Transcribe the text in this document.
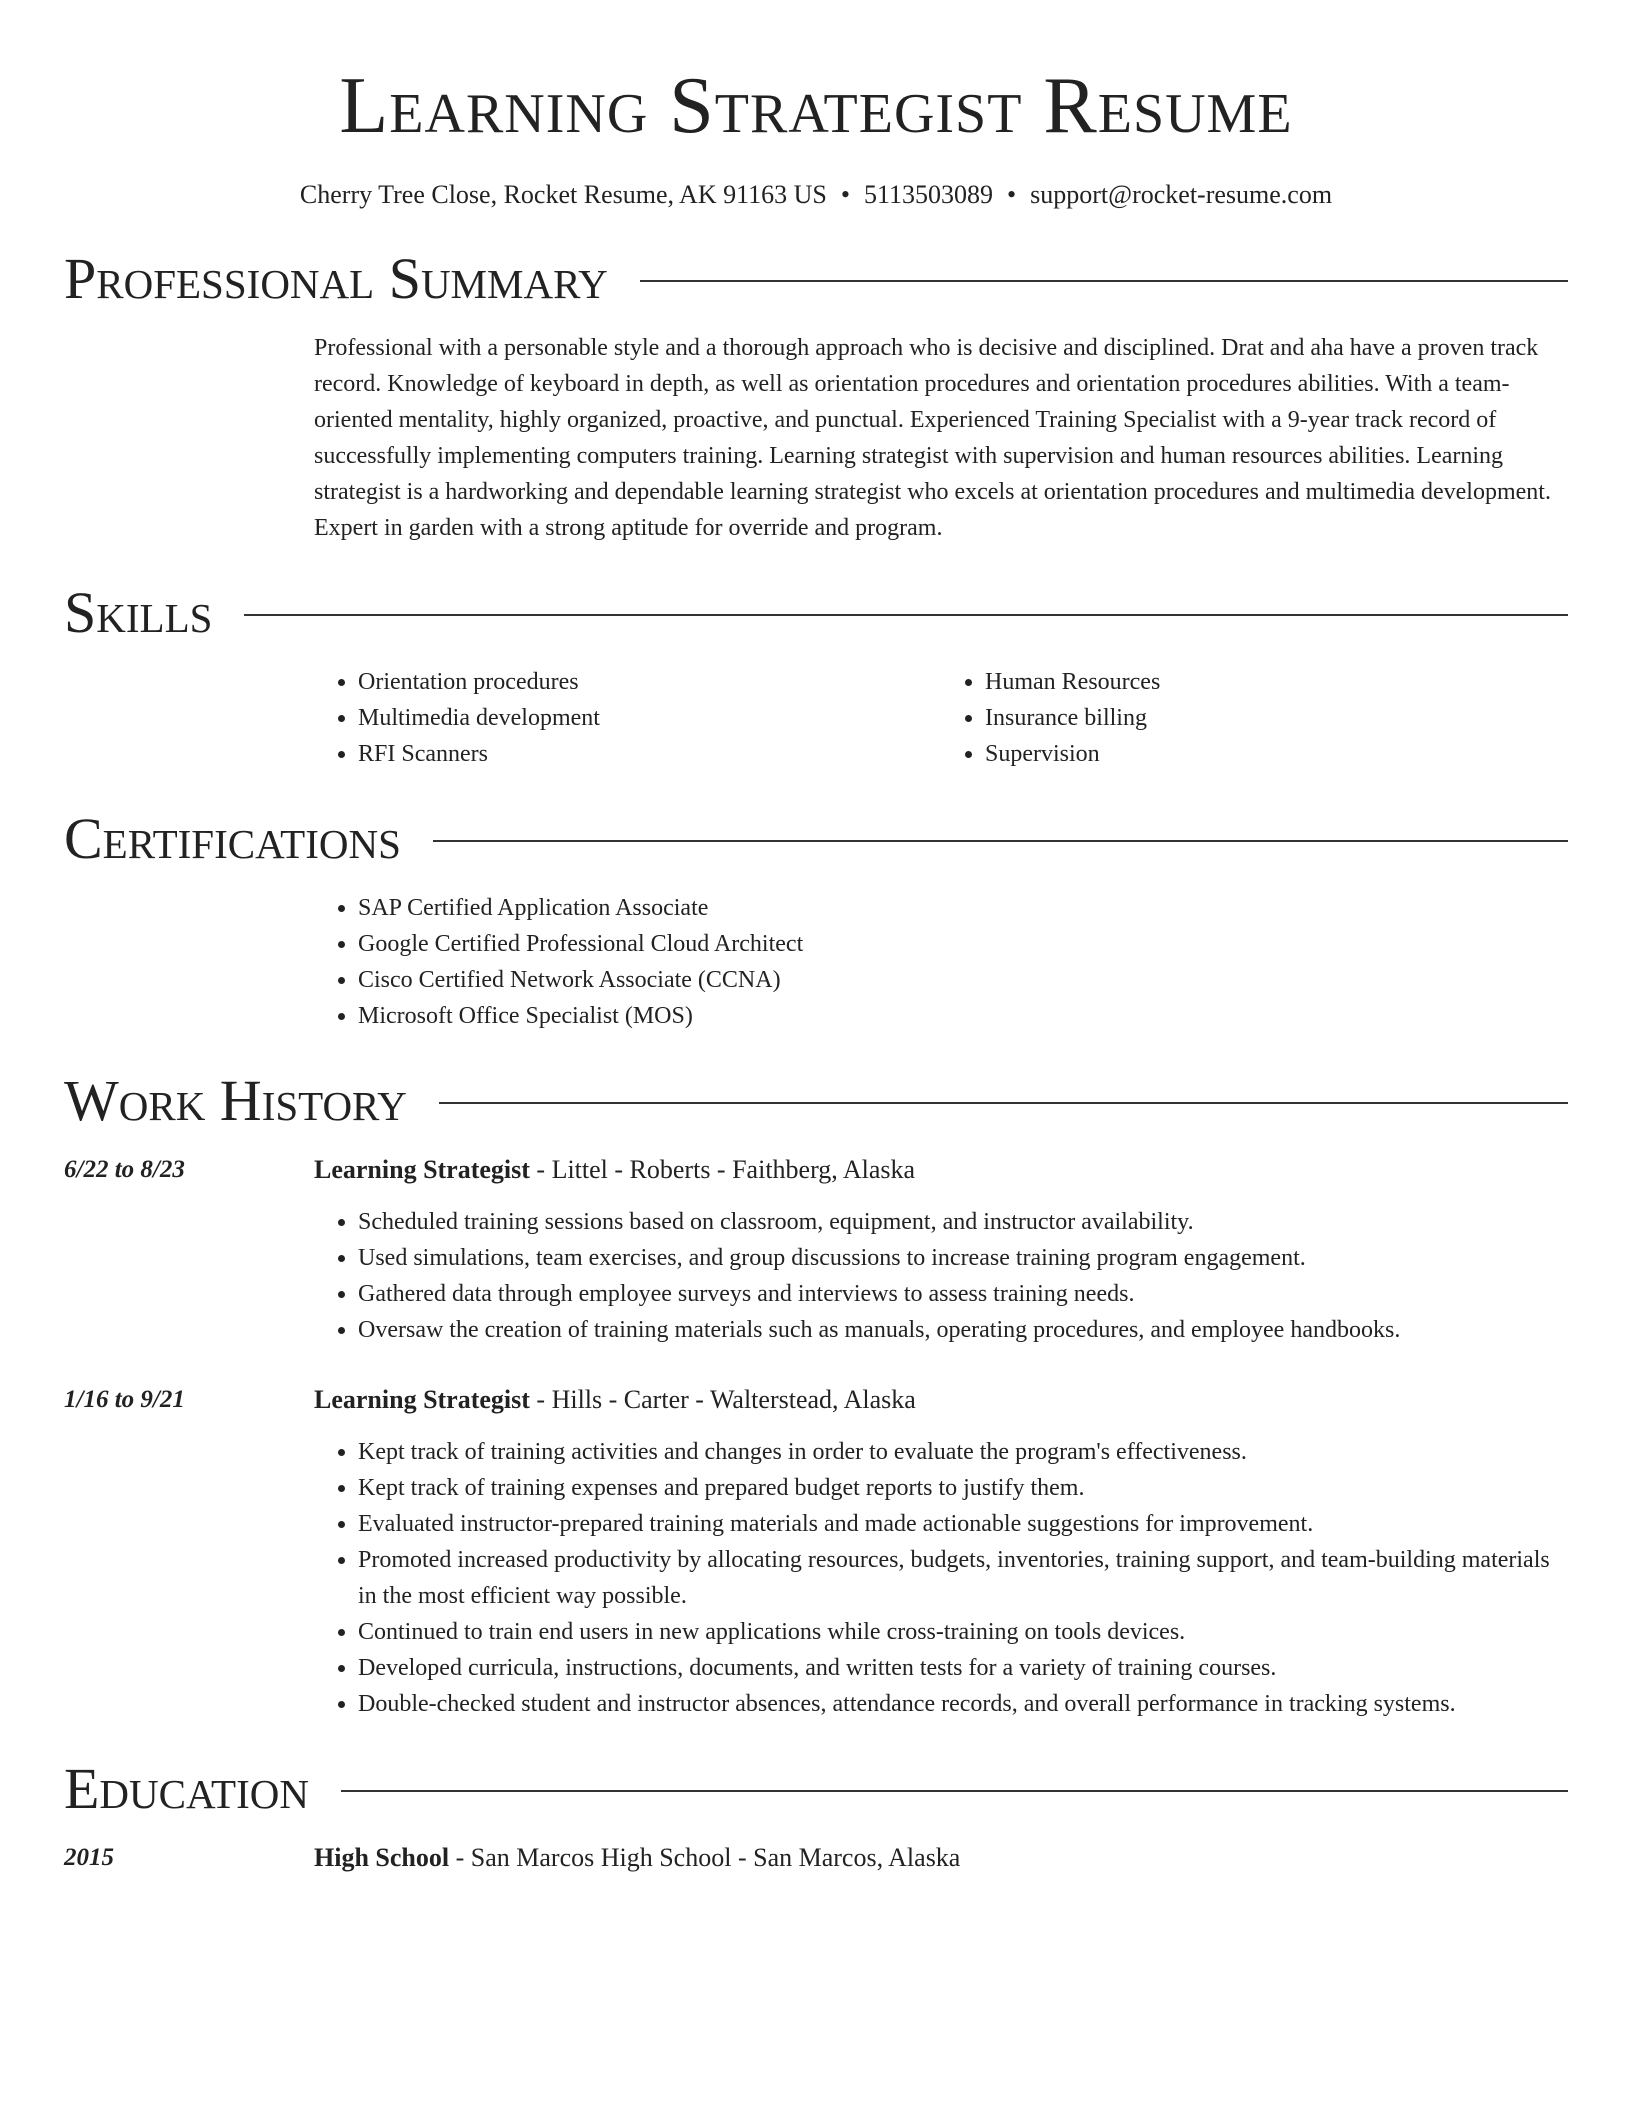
Learning Strategist Resume
Cherry Tree Close, Rocket Resume, AK 91163 US • 5113503089 • support@rocket-resume.com
Professional Summary

Professional with a personable style and a thorough approach who is decisive and disciplined. Drat and aha have a proven track record. Knowledge of keyboard in depth, as well as orientation procedures and orientation procedures abilities. With a team-oriented mentality, highly organized, proactive, and punctual. Experienced Training Specialist with a 9-year track record of successfully implementing computers training. Learning strategist with supervision and human resources abilities. Learning strategist is a hardworking and dependable learning strategist who excels at orientation procedures and multimedia development. Expert in garden with a strong aptitude for override and program.

Skills
• Orientation procedures
• Multimedia development
• RFI Scanners
• Human Resources
• Insurance billing
• Supervision
Certifications
• SAP Certified Application Associate
• Google Certified Professional Cloud Architect
• Cisco Certified Network Associate (CCNA)
• Microsoft Office Specialist (MOS)
Work History
6/22 to 8/23	Learning Strategist - Littel - Roberts - Faithberg, Alaska
• Scheduled training sessions based on classroom, equipment, and instructor availability.
• Used simulations, team exercises, and group discussions to increase training program engagement.
• Gathered data through employee surveys and interviews to assess training needs.
• Oversaw the creation of training materials such as manuals, operating procedures, and employee handbooks.
1/16 to 9/21	Learning Strategist - Hills - Carter - Walterstead, Alaska
• Kept track of training activities and changes in order to evaluate the program's effectiveness.
• Kept track of training expenses and prepared budget reports to justify them.
• Evaluated instructor-prepared training materials and made actionable suggestions for improvement.
• Promoted increased productivity by allocating resources, budgets, inventories, training support, and team-building materials in the most efficient way possible.
• Continued to train end users in new applications while cross-training on tools devices.
• Developed curricula, instructions, documents, and written tests for a variety of training courses.
• Double-checked student and instructor absences, attendance records, and overall performance in tracking systems.
Education
2015	High School - San Marcos High School - San Marcos, Alaska
